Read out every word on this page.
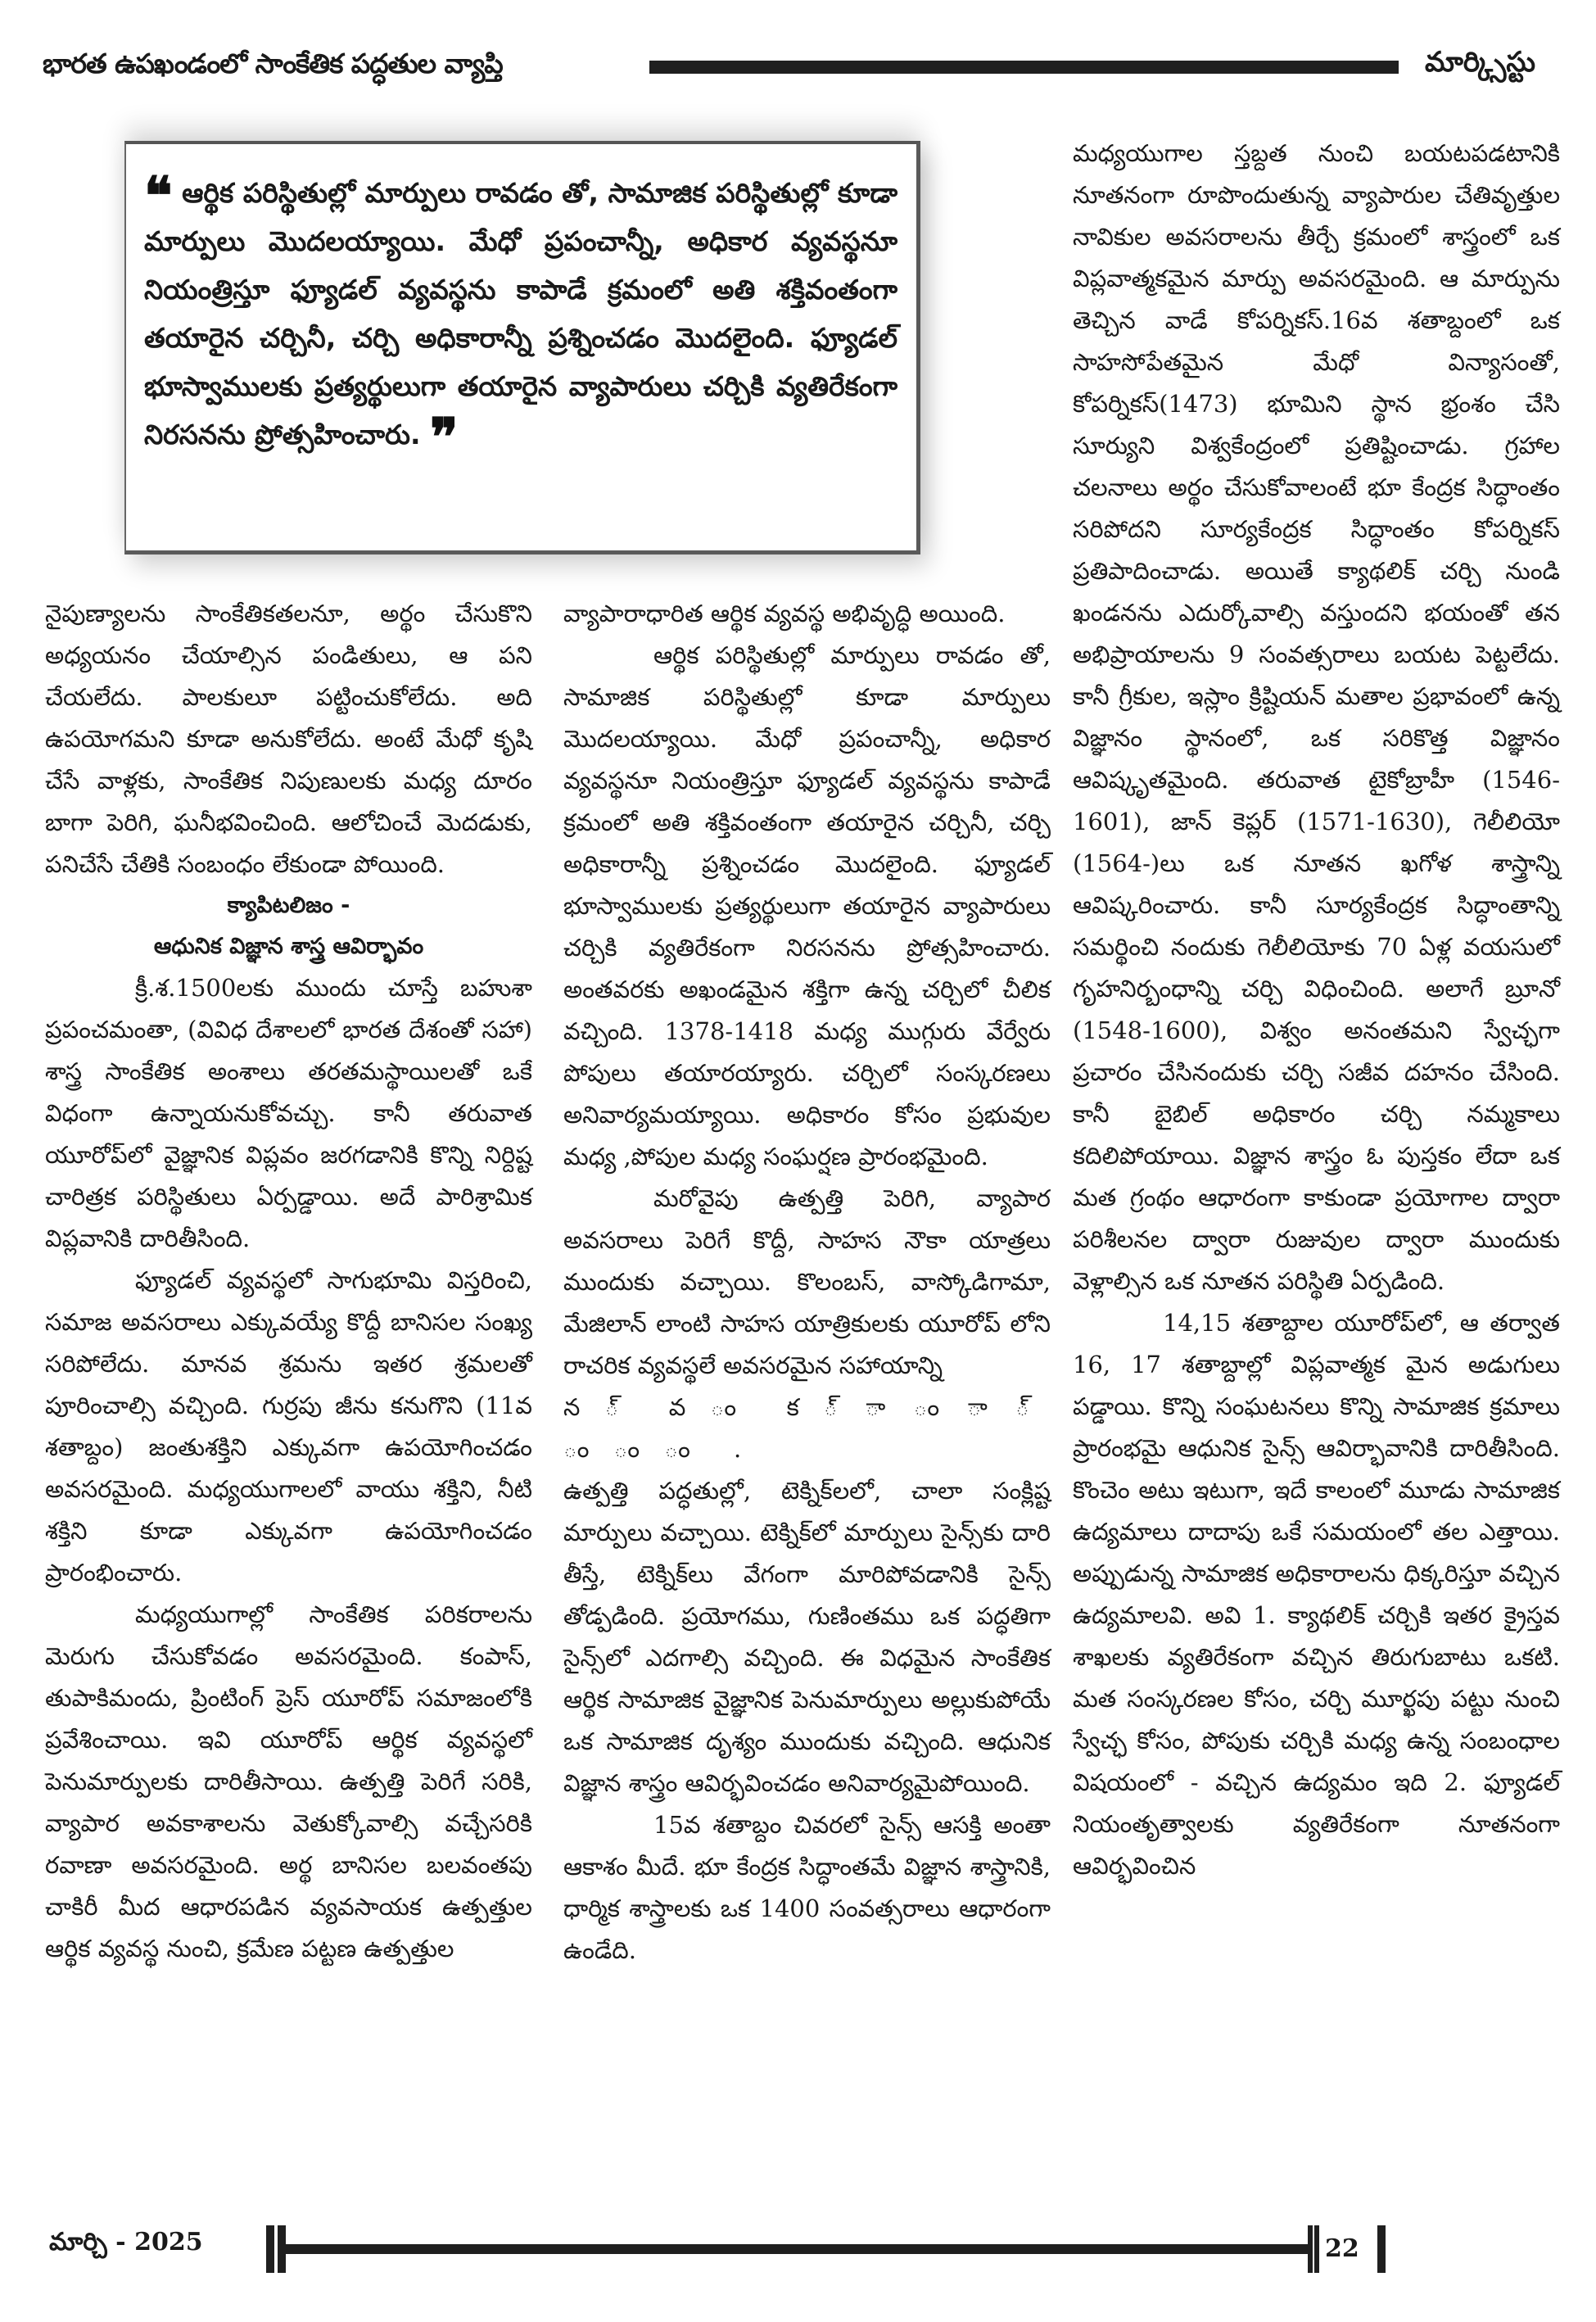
భారత ఉపఖండంలో సాంకేతిక పద్ధతుల వ్యాప్తి	మార్క్సిస్టు
❝ ఆర్థిక పరిస్థితుల్లో మార్పులు రావడం తో, సామాజిక పరిస్థితుల్లో కూడా మార్పులు మొదలయ్యాయి. మేధో ప్రపంచాన్నీ, అధికార వ్యవస్థనూ నియంత్రిస్తూ ఫ్యూడల్ వ్యవస్థను కాపాడే క్రమంలో అతి శక్తివంతంగా తయారైన చర్చినీ, చర్చి అధికారాన్నీ ప్రశ్నించడం మొదలైంది. ఫ్యూడల్ భూస్వాములకు ప్రత్యర్థులుగా తయారైన వ్యాపారులు చర్చికి వ్యతిరేకంగా నిరసనను ప్రోత్సహించారు. ❞

నైపుణ్యాలను సాంకేతికతలనూ, అర్థం చేసుకొని అధ్యయనం చేయాల్సిన పండితులు, ఆ పని చేయలేదు. పాలకులూ పట్టించుకోలేదు. అది ఉపయోగమని కూడా అనుకోలేదు. అంటే మేధో కృషి చేసే వాళ్లకు, సాంకేతిక నిపుణులకు మధ్య దూరం బాగా పెరిగి, ఘనీభవించింది. ఆలోచించే మెదడుకు, పనిచేసే చేతికి సంబంధం లేకుండా పోయింది.

క్యాపిటలిజం -
ఆధునిక విజ్ఞాన శాస్త్ర ఆవిర్భావం

క్రీ.శ.1500లకు ముందు చూస్తే బహుశా ప్రపంచమంతా, (వివిధ దేశాలలో భారత దేశంతో సహా) శాస్త్ర సాంకేతిక అంశాలు తరతమస్థాయిలతో ఒకే విధంగా ఉన్నాయనుకోవచ్చు. కానీ తరువాత యూరోప్‌లో వైజ్ఞానిక విప్లవం జరగడానికి కొన్ని నిర్దిష్ట చారిత్రక పరిస్థితులు ఏర్పడ్డాయి. అదే పారిశ్రామిక విప్లవానికి దారితీసింది.

ఫ్యూడల్ వ్యవస్థలో సాగుభూమి విస్తరించి, సమాజ అవసరాలు ఎక్కువయ్యే కొద్దీ బానిసల సంఖ్య సరిపోలేదు. మానవ శ్రమను ఇతర శ్రమలతో పూరించాల్సి వచ్చింది. గుర్రపు జీను కనుగొని (11వ శతాబ్దం) జంతుశక్తిని ఎక్కువగా ఉపయోగించడం అవసరమైంది. మధ్యయుగాలలో వాయు శక్తిని, నీటి శక్తిని కూడా ఎక్కువగా ఉపయోగించడం ప్రారంభించారు.

మధ్యయుగాల్లో సాంకేతిక పరికరాలను మెరుగు చేసుకోవడం అవసరమైంది. కంపాస్, తుపాకిమందు, ప్రింటింగ్ ప్రెస్ యూరోప్ సమాజంలోకి ప్రవేశించాయి. ఇవి యూరోప్ ఆర్థిక వ్యవస్థలో పెనుమార్పులకు దారితీసాయి. ఉత్పత్తి పెరిగే సరికి, వ్యాపార అవకాశాలను వెతుక్కోవాల్సి వచ్చేసరికి రవాణా అవసరమైంది. అర్థ బానిసల బలవంతపు చాకిరీ మీద ఆధారపడిన వ్యవసాయక ఉత్పత్తుల ఆర్థిక వ్యవస్థ నుంచి, క్రమేణ పట్టణ ఉత్పత్తుల

వ్యాపారాధారిత ఆర్థిక వ్యవస్థ అభివృద్ధి అయింది.

ఆర్థిక పరిస్థితుల్లో మార్పులు రావడం తో, సామాజిక పరిస్థితుల్లో కూడా మార్పులు మొదలయ్యాయి. మేధో ప్రపంచాన్నీ, అధికార వ్యవస్థనూ నియంత్రిస్తూ ఫ్యూడల్ వ్యవస్థను కాపాడే క్రమంలో అతి శక్తివంతంగా తయారైన చర్చినీ, చర్చి అధికారాన్నీ ప్రశ్నించడం మొదలైంది. ఫ్యూడల్ భూస్వాములకు ప్రత్యర్థులుగా తయారైన వ్యాపారులు చర్చికి వ్యతిరేకంగా నిరసనను ప్రోత్సహించారు. అంతవరకు అఖండమైన శక్తిగా ఉన్న చర్చిలో చీలిక వచ్చింది. 1378-1418 మధ్య ముగ్గురు వేర్వేరు పోపులు తయారయ్యారు. చర్చిలో సంస్కరణలు అనివార్యమయ్యాయి. అధికారం కోసం ప్రభువుల మధ్య ,పోపుల మధ్య సంఘర్షణ ప్రారంభమైంది.

మరోవైపు ఉత్పత్తి పెరిగి, వ్యాపార అవసరాలు పెరిగే కొద్దీ, సాహస నౌకా యాత్రలు ముందుకు వచ్చాయి. కొలంబస్, వాస్కోడిగామా, మేజిలాన్ లాంటి సాహస యాత్రికులకు యూరోప్ లోని రాచరిక వ్యవస్థలే అవసరమైన సహాయాన్ని

న ్ వ ం క ్ ా ం ా ్ ం ం ం .

ఉత్పత్తి పద్ధతుల్లో, టెక్నిక్‌లలో, చాలా సంక్లిష్ట మార్పులు వచ్చాయి. టెక్నిక్‌లో మార్పులు సైన్స్‌కు దారి తీస్తే, టెక్నిక్‌లు వేగంగా మారిపోవడానికి సైన్స్ తోడ్పడింది. ప్రయోగము, గుణింతము ఒక పద్ధతిగా సైన్స్‌లో ఎదగాల్సి వచ్చింది. ఈ విధమైన సాంకేతిక ఆర్థిక సామాజిక వైజ్ఞానిక పెనుమార్పులు అల్లుకుపోయే ఒక సామాజిక దృశ్యం ముందుకు వచ్చింది. ఆధునిక విజ్ఞాన శాస్త్రం ఆవిర్భవించడం అనివార్యమైపోయింది.

15వ శతాబ్దం చివరలో సైన్స్ ఆసక్తి అంతా ఆకాశం మీదే. భూ కేంద్రక సిద్ధాంతమే విజ్ఞాన శాస్త్రానికి, ధార్మిక శాస్త్రాలకు ఒక 1400 సంవత్సరాలు ఆధారంగా ఉండేది.

మధ్యయుగాల స్తబ్దత నుంచి బయటపడటానికి నూతనంగా రూపొందుతున్న వ్యాపారుల చేతివృత్తుల నావికుల అవసరాలను తీర్చే క్రమంలో శాస్త్రంలో ఒక విప్లవాత్మకమైన మార్పు అవసరమైంది. ఆ మార్పును తెచ్చిన వాడే కోపర్నికస్.16వ శతాబ్దంలో ఒక సాహసోపేతమైన మేధో విన్యాసంతో, కోపర్నికస్(1473) భూమిని స్థాన భ్రంశం చేసి సూర్యుని విశ్వకేంద్రంలో ప్రతిష్టించాడు. గ్రహాల చలనాలు అర్థం చేసుకోవాలంటే భూ కేంద్రక సిద్ధాంతం సరిపోదని సూర్యకేంద్రక సిద్ధాంతం కోపర్నికస్ ప్రతిపాదించాడు. అయితే క్యాథలిక్ చర్చి నుండి ఖండనను ఎదుర్కోవాల్సి వస్తుందని భయంతో తన అభిప్రాయాలను 9 సంవత్సరాలు బయట పెట్టలేదు. కానీ గ్రీకుల, ఇస్లాం క్రిష్టియన్ మతాల ప్రభావంలో ఉన్న విజ్ఞానం స్థానంలో, ఒక సరికొత్త విజ్ఞానం ఆవిష్కృతమైంది. తరువాత టైకోబ్రాహీ (1546-1601), జాన్ కెప్లర్ (1571-1630), గెలీలియో (1564-)లు ఒక నూతన ఖగోళ శాస్త్రాన్ని ఆవిష్కరించారు. కానీ సూర్యకేంద్రక సిద్ధాంతాన్ని సమర్థించి నందుకు గెలీలియోకు 70 ఏళ్ల వయసులో గృహనిర్బంధాన్ని చర్చి విధించింది. అలాగే బ్రూనో (1548-1600), విశ్వం అనంతమని స్వేచ్ఛగా ప్రచారం చేసినందుకు చర్చి సజీవ దహనం చేసింది. కానీ బైబిల్ అధికారం చర్చి నమ్మకాలు కదిలిపోయాయి. విజ్ఞాన శాస్త్రం ఓ పుస్తకం లేదా ఒక మత గ్రంథం ఆధారంగా కాకుండా ప్రయోగాల ద్వారా పరిశీలనల ద్వారా రుజువుల ద్వారా ముందుకు వెళ్లాల్సిన ఒక నూతన పరిస్థితి ఏర్పడింది.

14,15 శతాబ్దాల యూరోప్‌లో, ఆ తర్వాత 16, 17 శతాబ్దాల్లో విప్లవాత్మక మైన అడుగులు పడ్డాయి. కొన్ని సంఘటనలు కొన్ని సామాజిక క్రమాలు ప్రారంభమై ఆధునిక సైన్స్ ఆవిర్భావానికి దారితీసింది. కొంచెం అటు ఇటుగా, ఇదే కాలంలో మూడు సామాజిక ఉద్యమాలు దాదాపు ఒకే సమయంలో తల ఎత్తాయి. అప్పుడున్న సామాజిక అధికారాలను ధిక్కరిస్తూ వచ్చిన ఉద్యమాలవి. అవి 1. క్యాథలిక్ చర్చికి ఇతర క్రైస్తవ శాఖలకు వ్యతిరేకంగా వచ్చిన తిరుగుబాటు ఒకటి. మత సంస్కరణల కోసం, చర్చి మూర్ఖపు పట్టు నుంచి స్వేచ్ఛ కోసం, పోపుకు చర్చికి మధ్య ఉన్న సంబంధాల విషయంలో - వచ్చిన ఉద్యమం ఇది 2. ఫ్యూడల్ నియంతృత్వాలకు వ్యతిరేకంగా నూతనంగా ఆవిర్భవించిన

మార్చి - 2025	22
